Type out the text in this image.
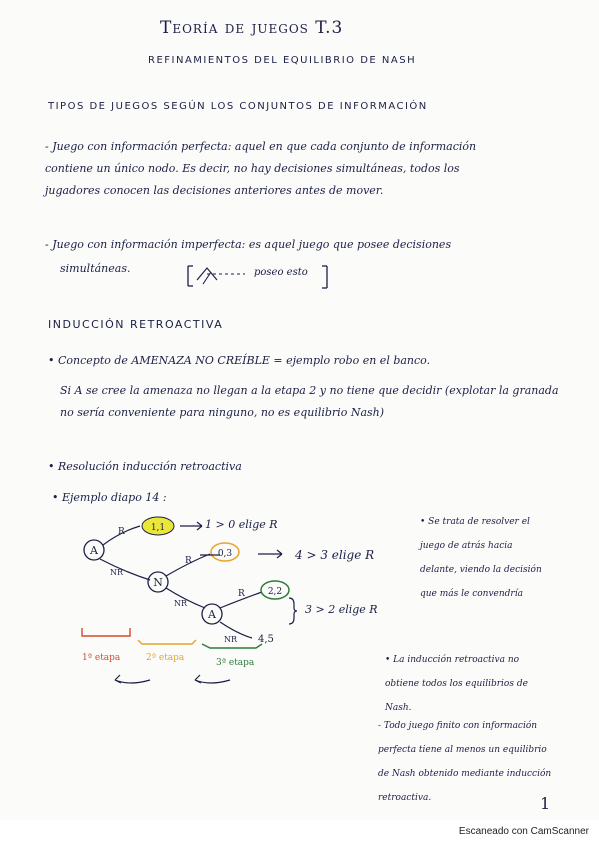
Teoría de juegos T.3
REFINAMIENTOS DEL EQUILIBRIO DE NASH
TIPOS DE JUEGOS SEGÚN LOS CONJUNTOS DE INFORMACIÓN
- Juego con información perfecta: aquel en que cada conjunto de información contiene un único nodo. Es decir, no hay decisiones simultáneas, todos los jugadores conocen las decisiones anteriores antes de mover.
- Juego con información imperfecta: es aquel juego que posee decisiones
simultáneas.	poseo esto
INDUCCIÓN RETROACTIVA
• Concepto de AMENAZA NO CREÍBLE = ejemplo robo en el banco.
Si A se cree la amenaza no llegan a la etapa 2 y no tiene que decidir (explotar la granada no sería conveniente para ninguno, no es equilibrio Nash)
• Resolución inducción retroactiva
• Ejemplo diapo 14 :
A
R	1,1
NR
N
R
0,3
NR
A
R	2,2
NR 4,5
1ª etapa	2ª etapa	3ª etapa
1 > 0 elige R
4 > 3 elige R
3 > 2 elige R
• Se trata de resolver el juego de atrás hacia delante, viendo la decisión que más le convendría
• La inducción retroactiva no obtiene todos los equilibrios de Nash.
- Todo juego finito con información perfecta tiene al menos un equilibrio de Nash obtenido mediante inducción retroactiva.	1
Escaneado con CamScanner
